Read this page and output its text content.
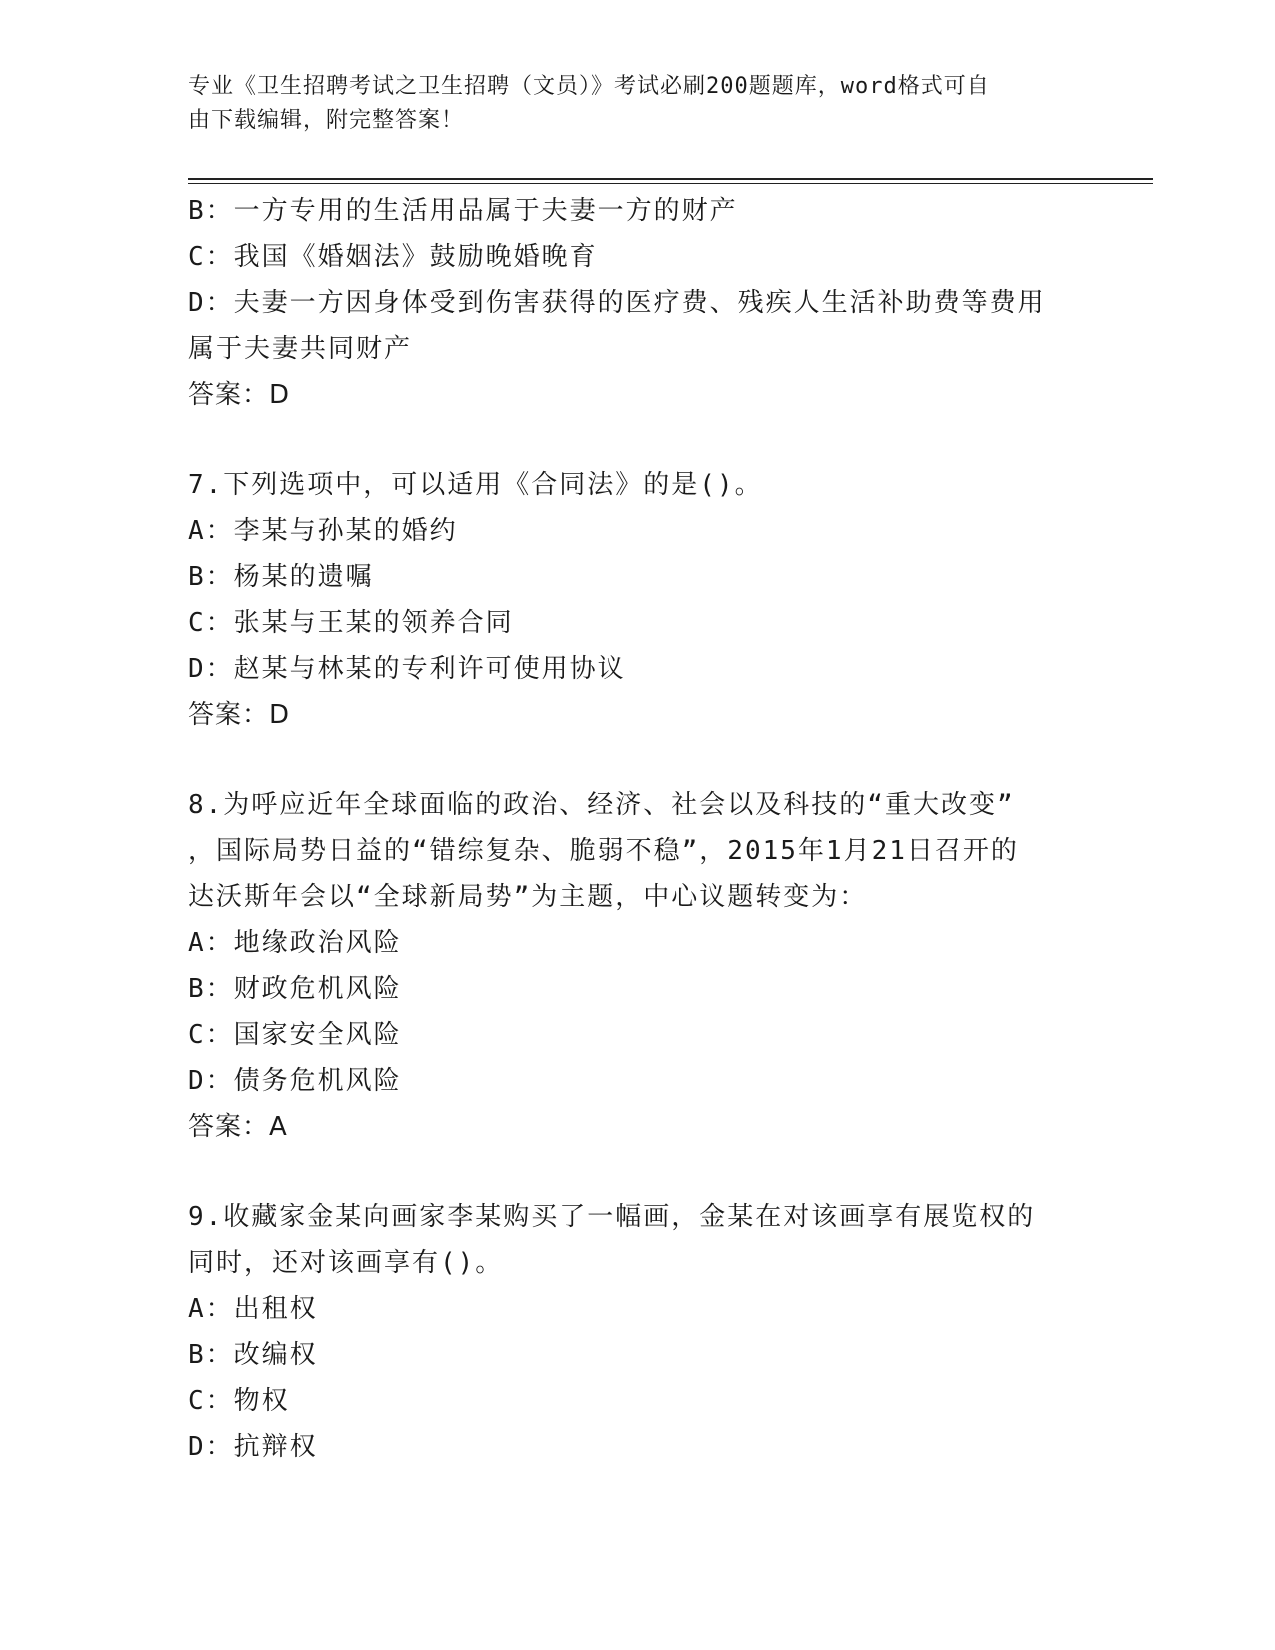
专业《卫生招聘考试之卫生招聘（文员）》考试必刷200题题库，word格式可自
由下载编辑，附完整答案！
B：一方专用的生活用品属于夫妻一方的财产
C：我国《婚姻法》鼓励晚婚晚育
D：夫妻一方因身体受到伤害获得的医疗费、残疾人生活补助费等费用
属于夫妻共同财产
答案：D
7.下列选项中，可以适用《合同法》的是()。
A：李某与孙某的婚约
B：杨某的遗嘱
C：张某与王某的领养合同
D：赵某与林某的专利许可使用协议
答案：D
8.为呼应近年全球面临的政治、经济、社会以及科技的“重大改变”
，国际局势日益的“错综复杂、脆弱不稳”，2015年1月21日召开的
达沃斯年会以“全球新局势”为主题，中心议题转变为：
A：地缘政治风险
B：财政危机风险
C：国家安全风险
D：债务危机风险
答案：A
9.收藏家金某向画家李某购买了一幅画，金某在对该画享有展览权的
同时，还对该画享有()。
A：出租权
B：改编权
C：物权
D：抗辩权
